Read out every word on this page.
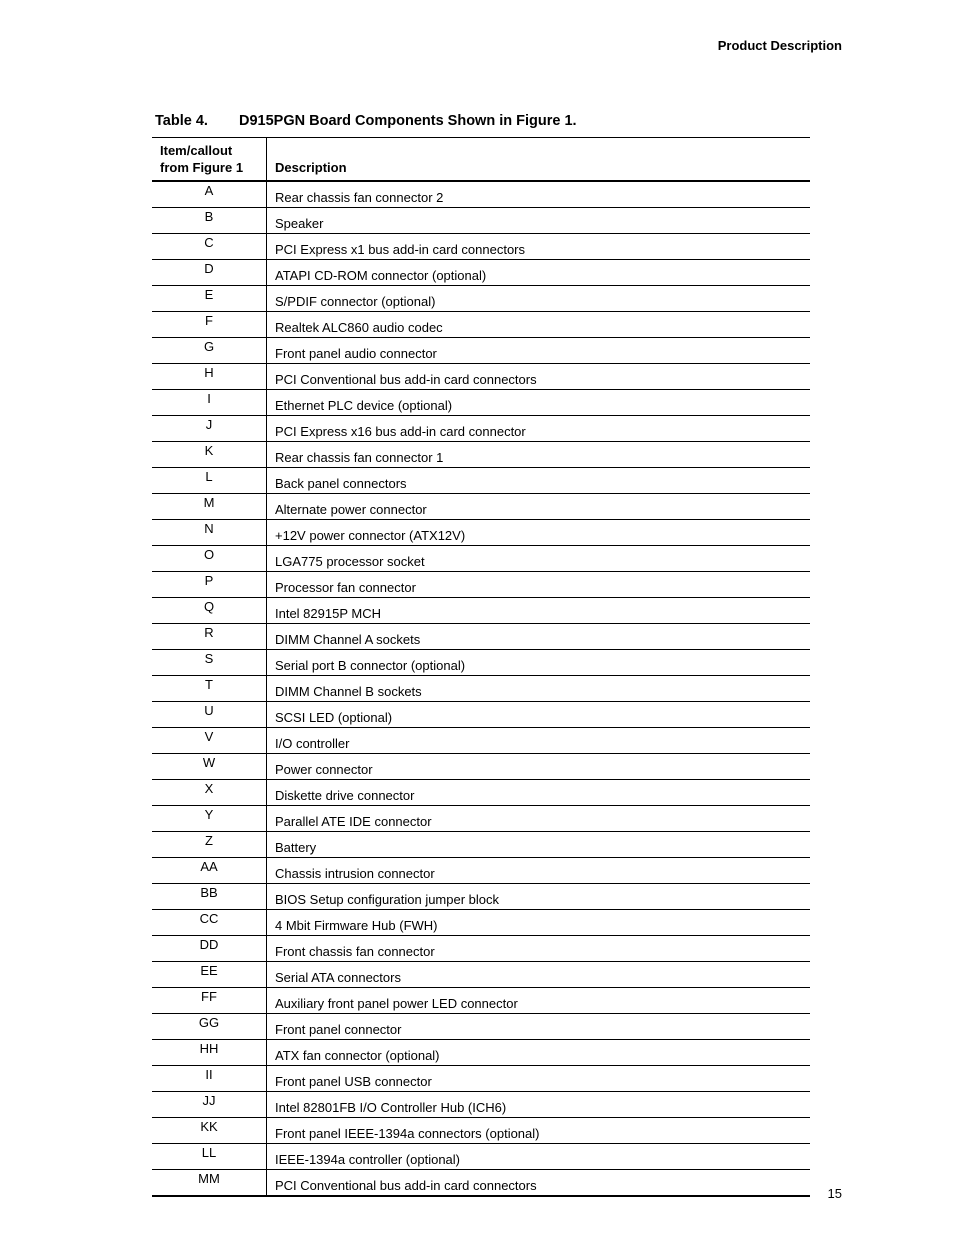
Product Description
Table 4. D915PGN Board Components Shown in Figure 1.
Item/callout from Figure 1	Description
A	Rear chassis fan connector 2
B	Speaker
C	PCI Express x1 bus add-in card connectors
D	ATAPI CD-ROM connector (optional)
E	S/PDIF connector (optional)
F	Realtek ALC860 audio codec
G	Front panel audio connector
H	PCI Conventional bus add-in card connectors
I	Ethernet PLC device (optional)
J	PCI Express x16 bus add-in card connector
K	Rear chassis fan connector 1
L	Back panel connectors
M	Alternate power connector
N	+12V power connector (ATX12V)
O	LGA775 processor socket
P	Processor fan connector
Q	Intel 82915P MCH
R	DIMM Channel A sockets
S	Serial port B connector (optional)
T	DIMM Channel B sockets
U	SCSI LED (optional)
V	I/O controller
W	Power connector
X	Diskette drive connector
Y	Parallel ATE IDE connector
Z	Battery
AA	Chassis intrusion connector
BB	BIOS Setup configuration jumper block
CC	4 Mbit Firmware Hub (FWH)
DD	Front chassis fan connector
EE	Serial ATA connectors
FF	Auxiliary front panel power LED connector
GG	Front panel connector
HH	ATX fan connector (optional)
II	Front panel USB connector
JJ	Intel 82801FB I/O Controller Hub (ICH6)
KK	Front panel IEEE-1394a connectors (optional)
LL	IEEE-1394a controller (optional)
MM	PCI Conventional bus add-in card connectors
15
